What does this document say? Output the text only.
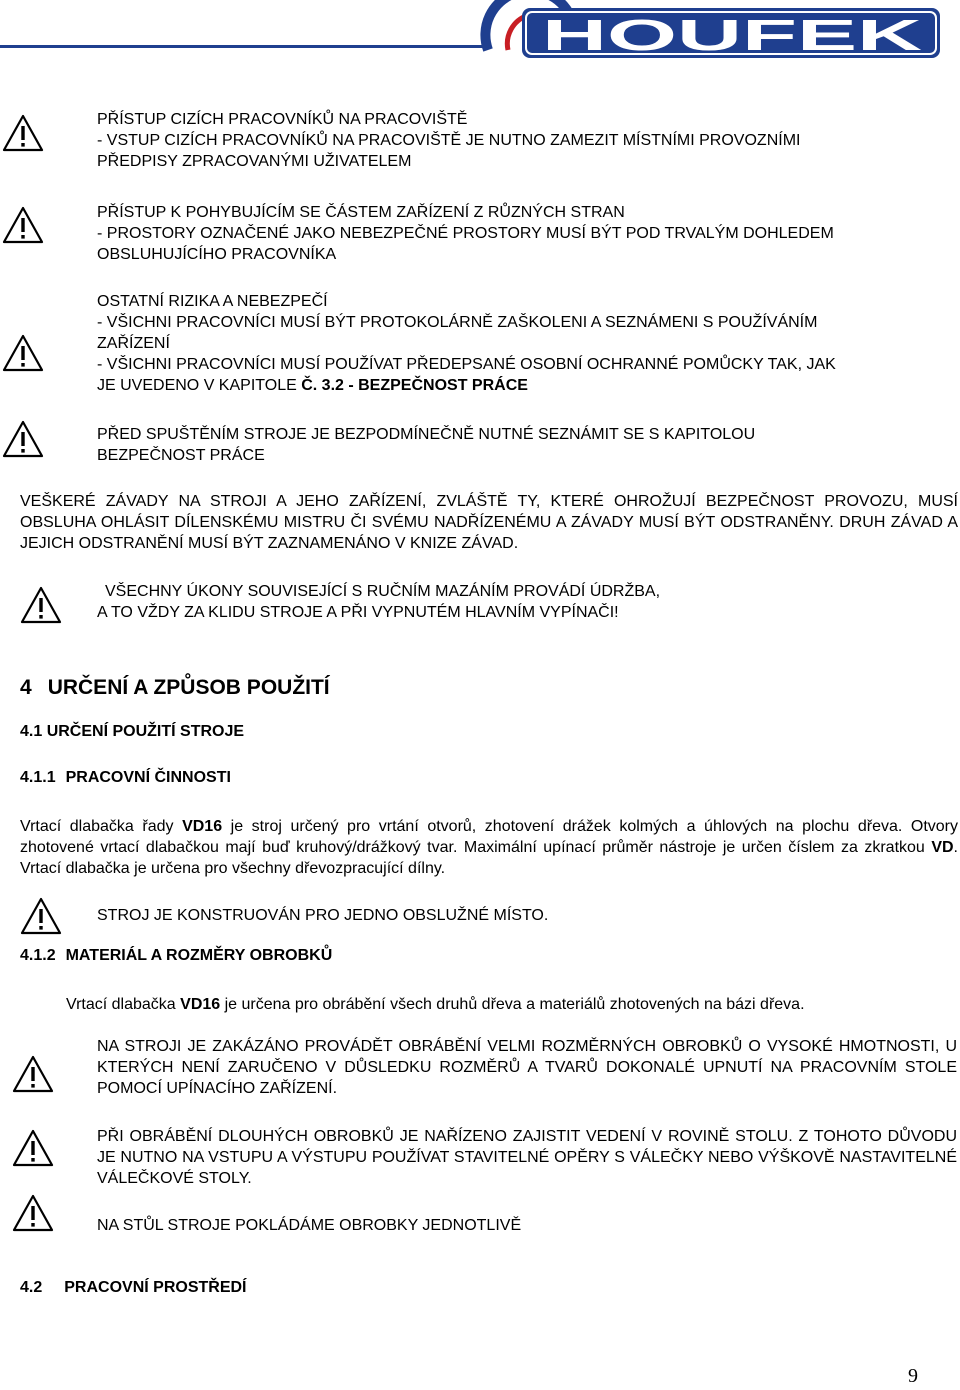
HOUFEK

PŘÍSTUP CIZÍCH PRACOVNÍKŮ NA PRACOVIŠTĚ

- VSTUP CIZÍCH PRACOVNÍKŮ NA PRACOVIŠTĚ JE NUTNO ZAMEZIT MÍSTNÍMI PROVOZNÍMI

PŘEDPISY ZPRACOVANÝMI UŽIVATELEM

PŘÍSTUP K POHYBUJÍCÍM SE ČÁSTEM ZAŘÍZENÍ Z RŮZNÝCH STRAN

- PROSTORY OZNAČENÉ JAKO NEBEZPEČNÉ PROSTORY MUSÍ BÝT POD TRVALÝM DOHLEDEM

OBSLUHUJÍCÍHO PRACOVNÍKA

OSTATNÍ RIZIKA A NEBEZPEČÍ

- VŠICHNI PRACOVNÍCI MUSÍ BÝT PROTOKOLÁRNĚ ZAŠKOLENI A SEZNÁMENI S POUŽÍVÁNÍM

ZAŘÍZENÍ

- VŠICHNI PRACOVNÍCI MUSÍ POUŽÍVAT PŘEDEPSANÉ OSOBNÍ OCHRANNÉ POMŮCKY TAK, JAK

JE UVEDENO V KAPITOLE Č. 3.2 - BEZPEČNOST PRÁCE

PŘED SPUŠTĚNÍM STROJE JE BEZPODMÍNEČNĚ NUTNÉ SEZNÁMIT SE S KAPITOLOU

BEZPEČNOST PRÁCE

VEŠKERÉ ZÁVADY NA STROJI A JEHO ZAŘÍZENÍ, ZVLÁŠTĚ TY, KTERÉ OHROŽUJÍ BEZPEČNOST PROVOZU, MUSÍ OBSLUHA OHLÁSIT DÍLENSKÉMU MISTRU ČI SVÉMU NADŘÍZENÉMU A ZÁVADY MUSÍ BÝT ODSTRANĚNY. DRUH ZÁVAD A JEJICH ODSTRANĚNÍ MUSÍ BÝT ZAZNAMENÁNO V KNIZE ZÁVAD.

VŠECHNY ÚKONY SOUVISEJÍCÍ S RUČNÍM MAZÁNÍM PROVÁDÍ ÚDRŽBA,

A TO VŽDY ZA KLIDU STROJE A PŘI VYPNUTÉM HLAVNÍM VYPÍNAČI!

4 URČENÍ A ZPŮSOB POUŽITÍ

4.1 URČENÍ POUŽITÍ STROJE

4.1.1 PRACOVNÍ ČINNOSTI

Vrtací dlabačka řady VD16 je stroj určený pro vrtání otvorů, zhotovení drážek kolmých a úhlových na plochu dřeva. Otvory zhotovené vrtací dlabačkou mají buď kruhový/drážkový tvar. Maximální upínací průměr nástroje je určen číslem za zkratkou VD. Vrtací dlabačka je určena pro všechny dřevozpracující dílny.

STROJ JE KONSTRUOVÁN PRO JEDNO OBSLUŽNÉ MÍSTO.

4.1.2 MATERIÁL A ROZMĚRY OBROBKŮ

Vrtací dlabačka VD16 je určena pro obrábění všech druhů dřeva a materiálů zhotovených na bázi dřeva.

NA STROJI JE ZAKÁZÁNO PROVÁDĚT OBRÁBĚNÍ VELMI ROZMĚRNÝCH OBROBKŮ O VYSOKÉ HMOTNOSTI, U KTERÝCH NENÍ ZARUČENO V DŮSLEDKU ROZMĚRŮ A TVARŮ DOKONALÉ UPNUTÍ NA PRACOVNÍM STOLE POMOCÍ UPÍNACÍHO ZAŘÍZENÍ.

PŘI OBRÁBĚNÍ DLOUHÝCH OBROBKŮ JE NAŘÍZENO ZAJISTIT VEDENÍ V ROVINĚ STOLU. Z TOHOTO DŮVODU JE NUTNO NA VSTUPU A VÝSTUPU POUŽÍVAT STAVITELNÉ OPĚRY S VÁLEČKY NEBO VÝŠKOVĚ NASTAVITELNÉ VÁLEČKOVÉ STOLY.

NA STŮL STROJE POKLÁDÁME OBROBKY JEDNOTLIVĚ

4.2 PRACOVNÍ PROSTŘEDÍ

9
